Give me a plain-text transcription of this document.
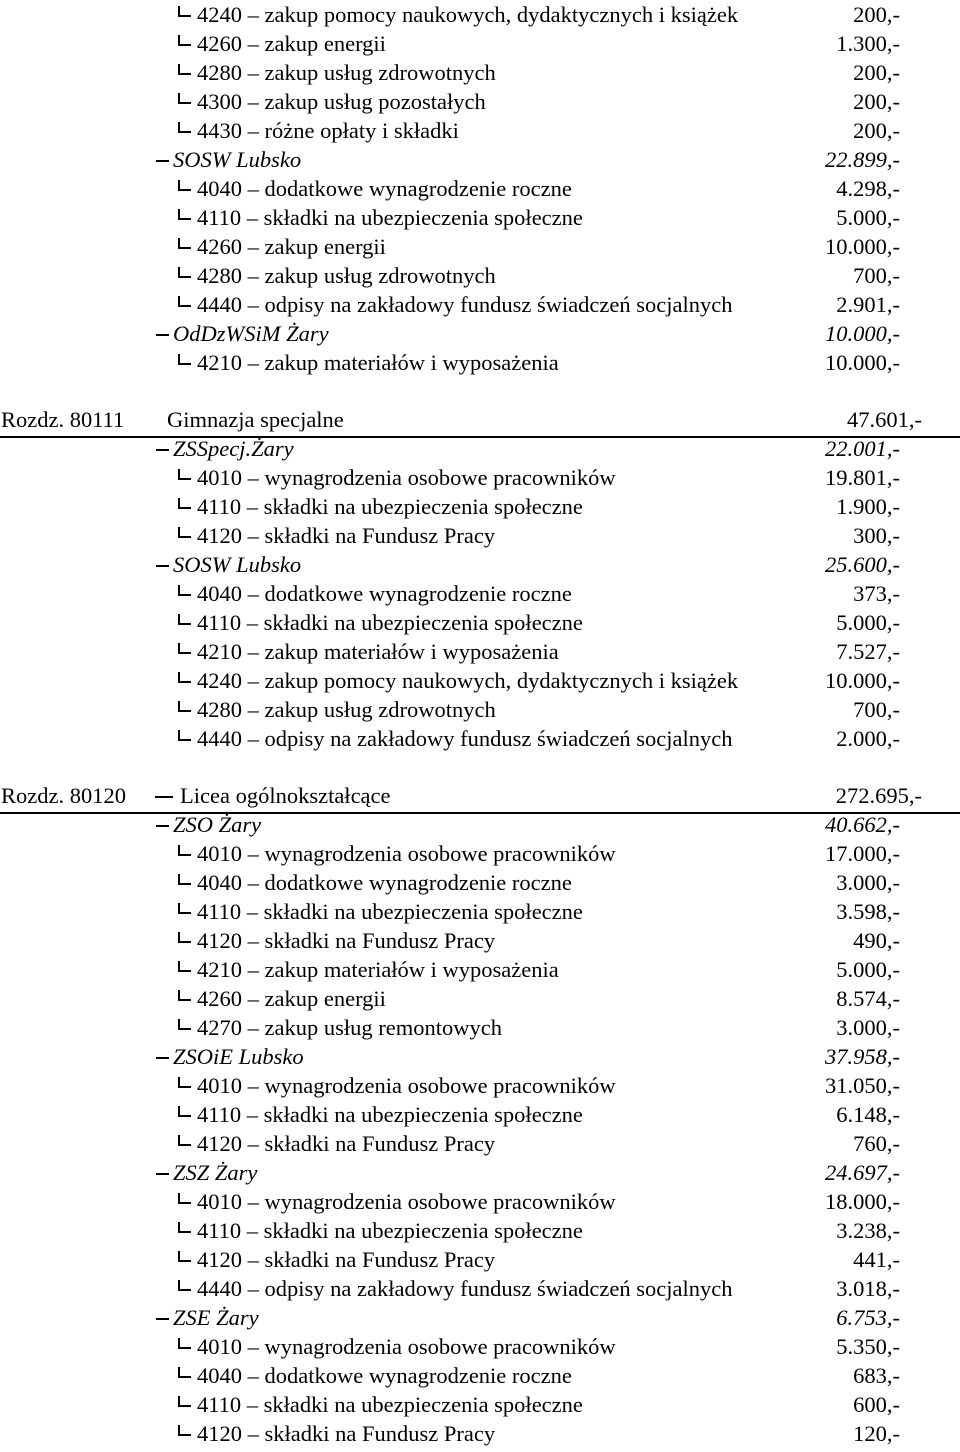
4240 – zakup pomocy naukowych, dydaktycznych i książek	200,-
4260 – zakup energii	1.300,-
4280 – zakup usług zdrowotnych	200,-
4300 – zakup usług pozostałych	200,-
4430 – różne opłaty i składki	200,-
SOSW Lubsko	22.899,-
4040 – dodatkowe wynagrodzenie roczne	4.298,-
4110 – składki na ubezpieczenia społeczne	5.000,-
4260 – zakup energii	10.000,-
4280 – zakup usług zdrowotnych	700,-
4440 – odpisy na zakładowy fundusz świadczeń socjalnych	2.901,-
OdDzWSiM Żary	10.000,-
4210 – zakup materiałów i wyposażenia	10.000,-
Rozdz. 80111 Gimnazja specjalne	47.601,-
ZSSpecj.Żary	22.001,-
4010 – wynagrodzenia osobowe pracowników	19.801,-
4110 – składki na ubezpieczenia społeczne	1.900,-
4120 – składki na Fundusz Pracy	300,-
SOSW Lubsko	25.600,-
4040 – dodatkowe wynagrodzenie roczne	373,-
4110 – składki na ubezpieczenia społeczne	5.000,-
4210 – zakup materiałów i wyposażenia	7.527,-
4240 – zakup pomocy naukowych, dydaktycznych i książek	10.000,-
4280 – zakup usług zdrowotnych	700,-
4440 – odpisy na zakładowy fundusz świadczeń socjalnych	2.000,-
Rozdz. 80120 Licea ogólnokształcące	272.695,-
ZSO Żary	40.662,-
4010 – wynagrodzenia osobowe pracowników	17.000,-
4040 – dodatkowe wynagrodzenie roczne	3.000,-
4110 – składki na ubezpieczenia społeczne	3.598,-
4120 – składki na Fundusz Pracy	490,-
4210 – zakup materiałów i wyposażenia	5.000,-
4260 – zakup energii	8.574,-
4270 – zakup usług remontowych	3.000,-
ZSOiE Lubsko	37.958,-
4010 – wynagrodzenia osobowe pracowników	31.050,-
4110 – składki na ubezpieczenia społeczne	6.148,-
4120 – składki na Fundusz Pracy	760,-
ZSZ Żary	24.697,-
4010 – wynagrodzenia osobowe pracowników	18.000,-
4110 – składki na ubezpieczenia społeczne	3.238,-
4120 – składki na Fundusz Pracy	441,-
4440 – odpisy na zakładowy fundusz świadczeń socjalnych	3.018,-
ZSE Żary	6.753,-
4010 – wynagrodzenia osobowe pracowników	5.350,-
4040 – dodatkowe wynagrodzenie roczne	683,-
4110 – składki na ubezpieczenia społeczne	600,-
4120 – składki na Fundusz Pracy	120,-
